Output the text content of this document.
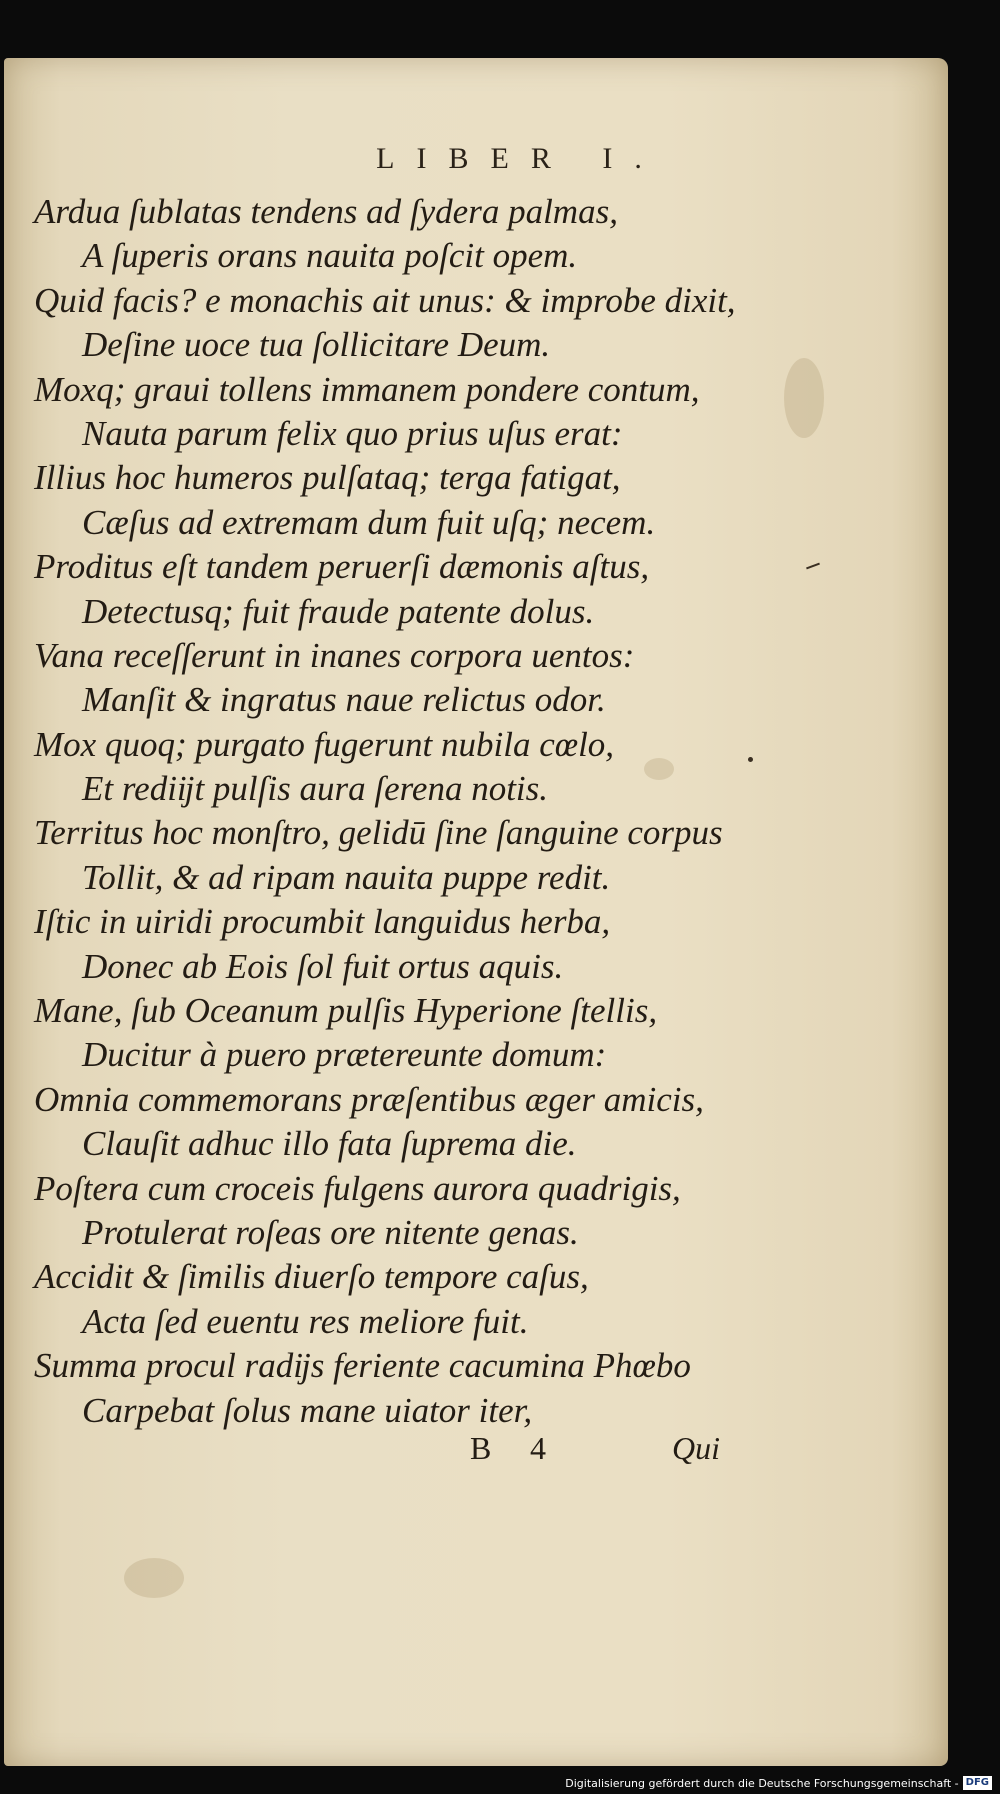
LIBER I.
Ardua ſublatas tendens ad ſydera palmas,
A ſuperis orans nauita poſcit opem.
Quid facis? e monachis ait unus: & improbe dixit,
Deſine uoce tua ſollicitare Deum.
Moxq; graui tollens immanem pondere contum,
Nauta parum felix quo prius uſus erat:
Illius hoc humeros pulſataq; terga fatigat,
Cæſus ad extremam dum fuit uſq; necem.
Proditus eſt tandem peruerſi dæmonis aſtus,
Detectusq; fuit fraude patente dolus.
Vana receſſerunt in inanes corpora uentos:
Manſit & ingratus naue relictus odor.
Mox quoq; purgato fugerunt nubila cœlo,
Et rediĳt pulſis aura ſerena notis.
Territus hoc monſtro, gelidū ſine ſanguine corpus
Tollit, & ad ripam nauita puppe redit.
Iſtic in uiridi procumbit languidus herba,
Donec ab Eois ſol fuit ortus aquis.
Mane, ſub Oceanum pulſis Hyperione ſtellis,
Ducitur à puero prætereunte domum:
Omnia commemorans præſentibus æger amicis,
Clauſit adhuc illo fata ſuprema die.
Poſtera cum croceis fulgens aurora quadrigis,
Protulerat roſeas ore nitente genas.
Accidit & ſimilis diuerſo tempore caſus,
Acta ſed euentu res meliore fuit.
Summa procul radĳs feriente cacumina Phœbo
Carpebat ſolus mane uiator iter,
B 4	Qui
Digitalisierung gefördert durch die Deutsche Forschungsgemeinschaft - DFG
